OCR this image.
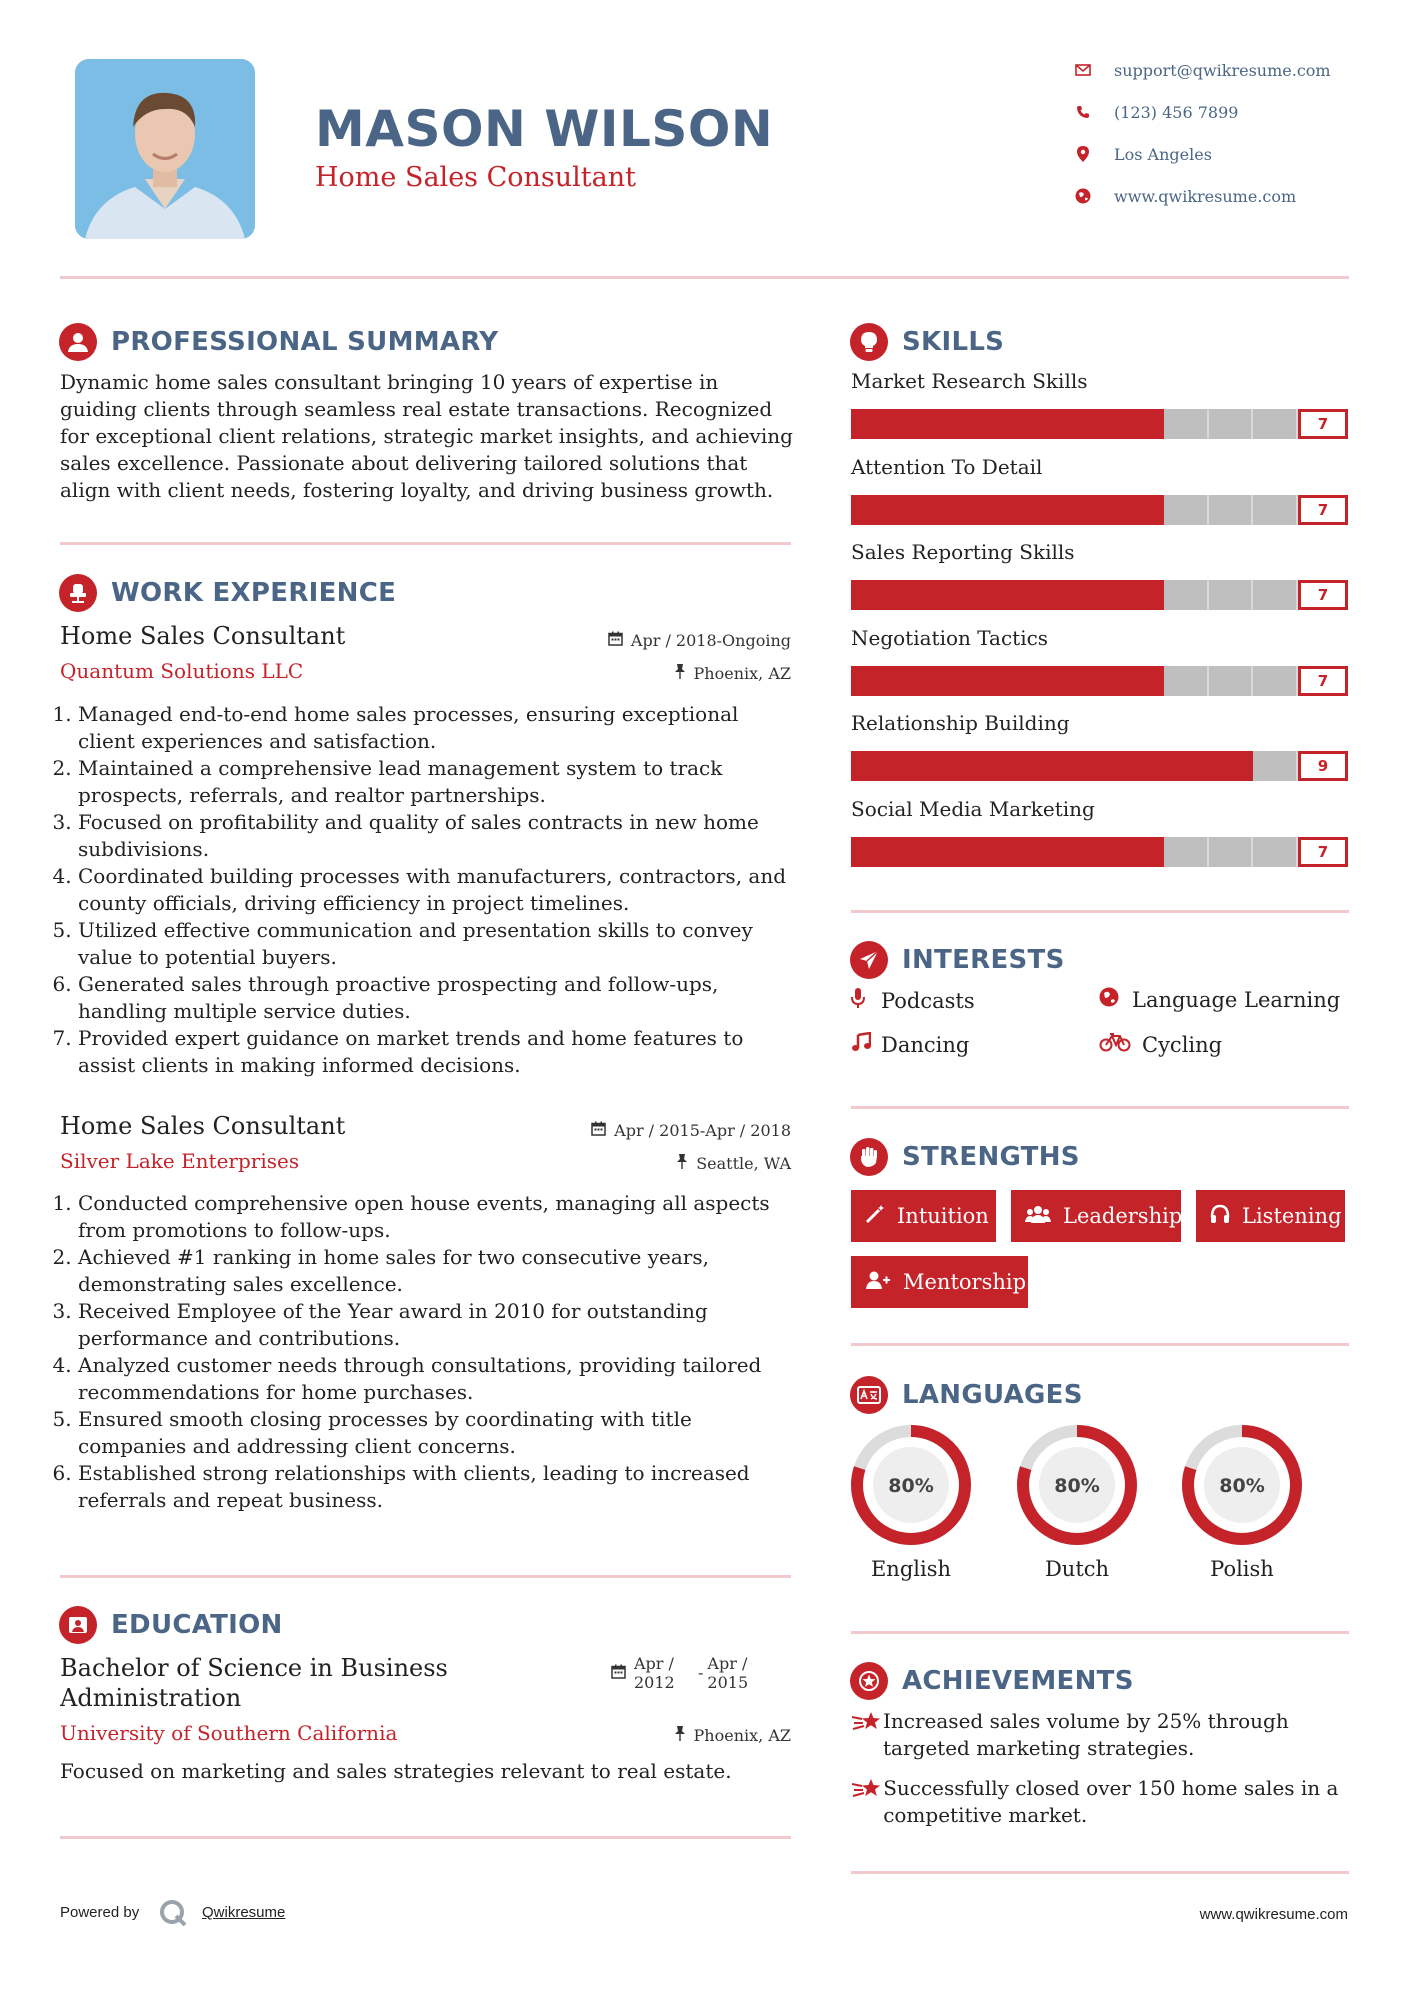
MASON WILSON
Home Sales Consultant
support@qwikresume.com
(123) 456 7899
Los Angeles
www.qwikresume.com
PROFESSIONAL SUMMARY
Dynamic home sales consultant bringing 10 years of expertise in guiding clients through seamless real estate transactions. Recognized for exceptional client relations, strategic market insights, and achieving sales excellence. Passionate about delivering tailored solutions that align with client needs, fostering loyalty, and driving business growth.
WORK EXPERIENCE
Home Sales Consultant	Apr / 2018-Ongoing
Quantum Solutions LLC	Phoenix, AZ
1. Managed end-to-end home sales processes, ensuring exceptional client experiences and satisfaction.
2. Maintained a comprehensive lead management system to track prospects, referrals, and realtor partnerships.
3. Focused on profitability and quality of sales contracts in new home subdivisions.
4. Coordinated building processes with manufacturers, contractors, and county officials, driving efficiency in project timelines.
5. Utilized effective communication and presentation skills to convey value to potential buyers.
6. Generated sales through proactive prospecting and follow-ups, handling multiple service duties.
7. Provided expert guidance on market trends and home features to assist clients in making informed decisions.
Home Sales Consultant	Apr / 2015-Apr / 2018
Silver Lake Enterprises	Seattle, WA
1. Conducted comprehensive open house events, managing all aspects from promotions to follow-ups.
2. Achieved #1 ranking in home sales for two consecutive years, demonstrating sales excellence.
3. Received Employee of the Year award in 2010 for outstanding performance and contributions.
4. Analyzed customer needs through consultations, providing tailored recommendations for home purchases.
5. Ensured smooth closing processes by coordinating with title companies and addressing client concerns.
6. Established strong relationships with clients, leading to increased referrals and repeat business.
EDUCATION
Bachelor of Science in Business Administration
Apr / 2012
- Apr / 2015
University of Southern California	Phoenix, AZ
Focused on marketing and sales strategies relevant to real estate.
SKILLS
Market Research Skills
7
Attention To Detail
7
Sales Reporting Skills
7
Negotiation Tactics
7
Relationship Building
9
Social Media Marketing
7
INTERESTS
Podcasts	Language Learning
Dancing	Cycling
STRENGTHS
Intuition	Leadership	Listening
Mentorship
LANGUAGES
80%
English
80%
Dutch
80%
Polish
ACHIEVEMENTS
Increased sales volume by 25% through targeted marketing strategies.
Successfully closed over 150 home sales in a competitive market.
Powered by	Qwikresume	www.qwikresume.com
